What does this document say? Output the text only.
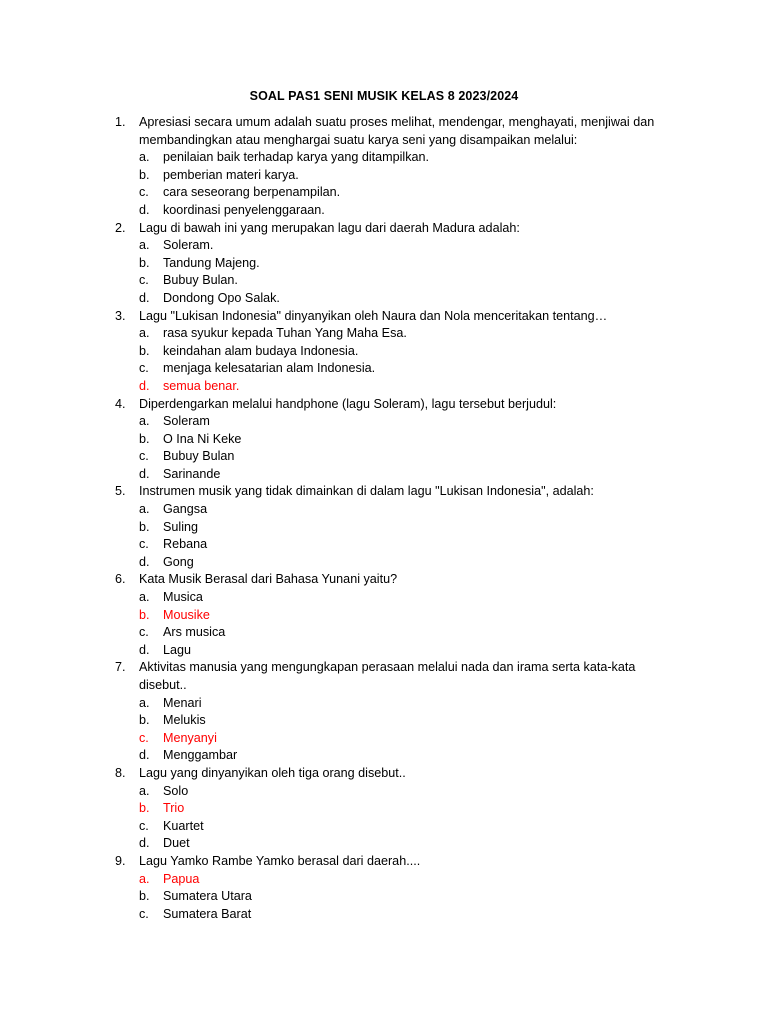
SOAL PAS1 SENI MUSIK KELAS 8 2023/2024
1. Apresiasi secara umum adalah suatu proses melihat, mendengar, menghayati, menjiwai dan
membandingkan atau menghargai suatu karya seni yang disampaikan melalui:
a. penilaian baik terhadap karya yang ditampilkan.
b. pemberian materi karya.
c. cara seseorang berpenampilan.
d. koordinasi penyelenggaraan.
2. Lagu di bawah ini yang merupakan lagu dari daerah Madura adalah:
a. Soleram.
b. Tandung Majeng.
c. Bubuy Bulan.
d. Dondong Opo Salak.
3. Lagu "Lukisan Indonesia" dinyanyikan oleh Naura dan Nola menceritakan tentang…
a. rasa syukur kepada Tuhan Yang Maha Esa.
b. keindahan alam budaya Indonesia.
c. menjaga kelesatarian alam Indonesia.
d. semua benar.
4. Diperdengarkan melalui handphone (lagu Soleram), lagu tersebut berjudul:
a. Soleram
b. O Ina Ni Keke
c. Bubuy Bulan
d. Sarinande
5. Instrumen musik yang tidak dimainkan di dalam lagu "Lukisan Indonesia", adalah:
a. Gangsa
b. Suling
c. Rebana
d. Gong
6. Kata Musik Berasal dari Bahasa Yunani yaitu?
a. Musica
b. Mousike
c. Ars musica
d. Lagu
7. Aktivitas manusia yang mengungkapan perasaan melalui nada dan irama serta kata-kata
disebut..
a. Menari
b. Melukis
c. Menyanyi
d. Menggambar
8. Lagu yang dinyanyikan oleh tiga orang disebut..
a. Solo
b. Trio
c. Kuartet
d. Duet
9. Lagu Yamko Rambe Yamko berasal dari daerah....
a. Papua
b. Sumatera Utara
c. Sumatera Barat
